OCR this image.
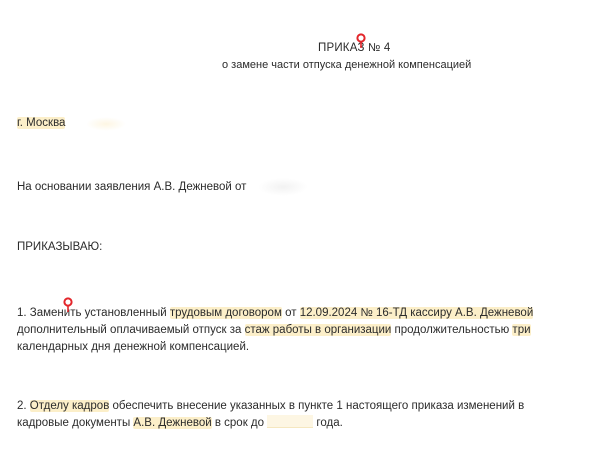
ПРИКАЗ № 4
о замене части отпуска денежной компенсацией
г. Москва
На основании заявления А.В. Дежневой от
ПРИКАЗЫВАЮ:
1. Заменить установленный трудовым договором от 12.09.2024 № 16-ТД кассиру А.В. Дежневой дополнительный оплачиваемый отпуск за стаж работы в организации продолжительностью три календарных дня денежной компенсацией.
2. Отделу кадров обеспечить внесение указанных в пункте 1 настоящего приказа изменений в кадровые документы А.В. Дежневой в срок до	года.
